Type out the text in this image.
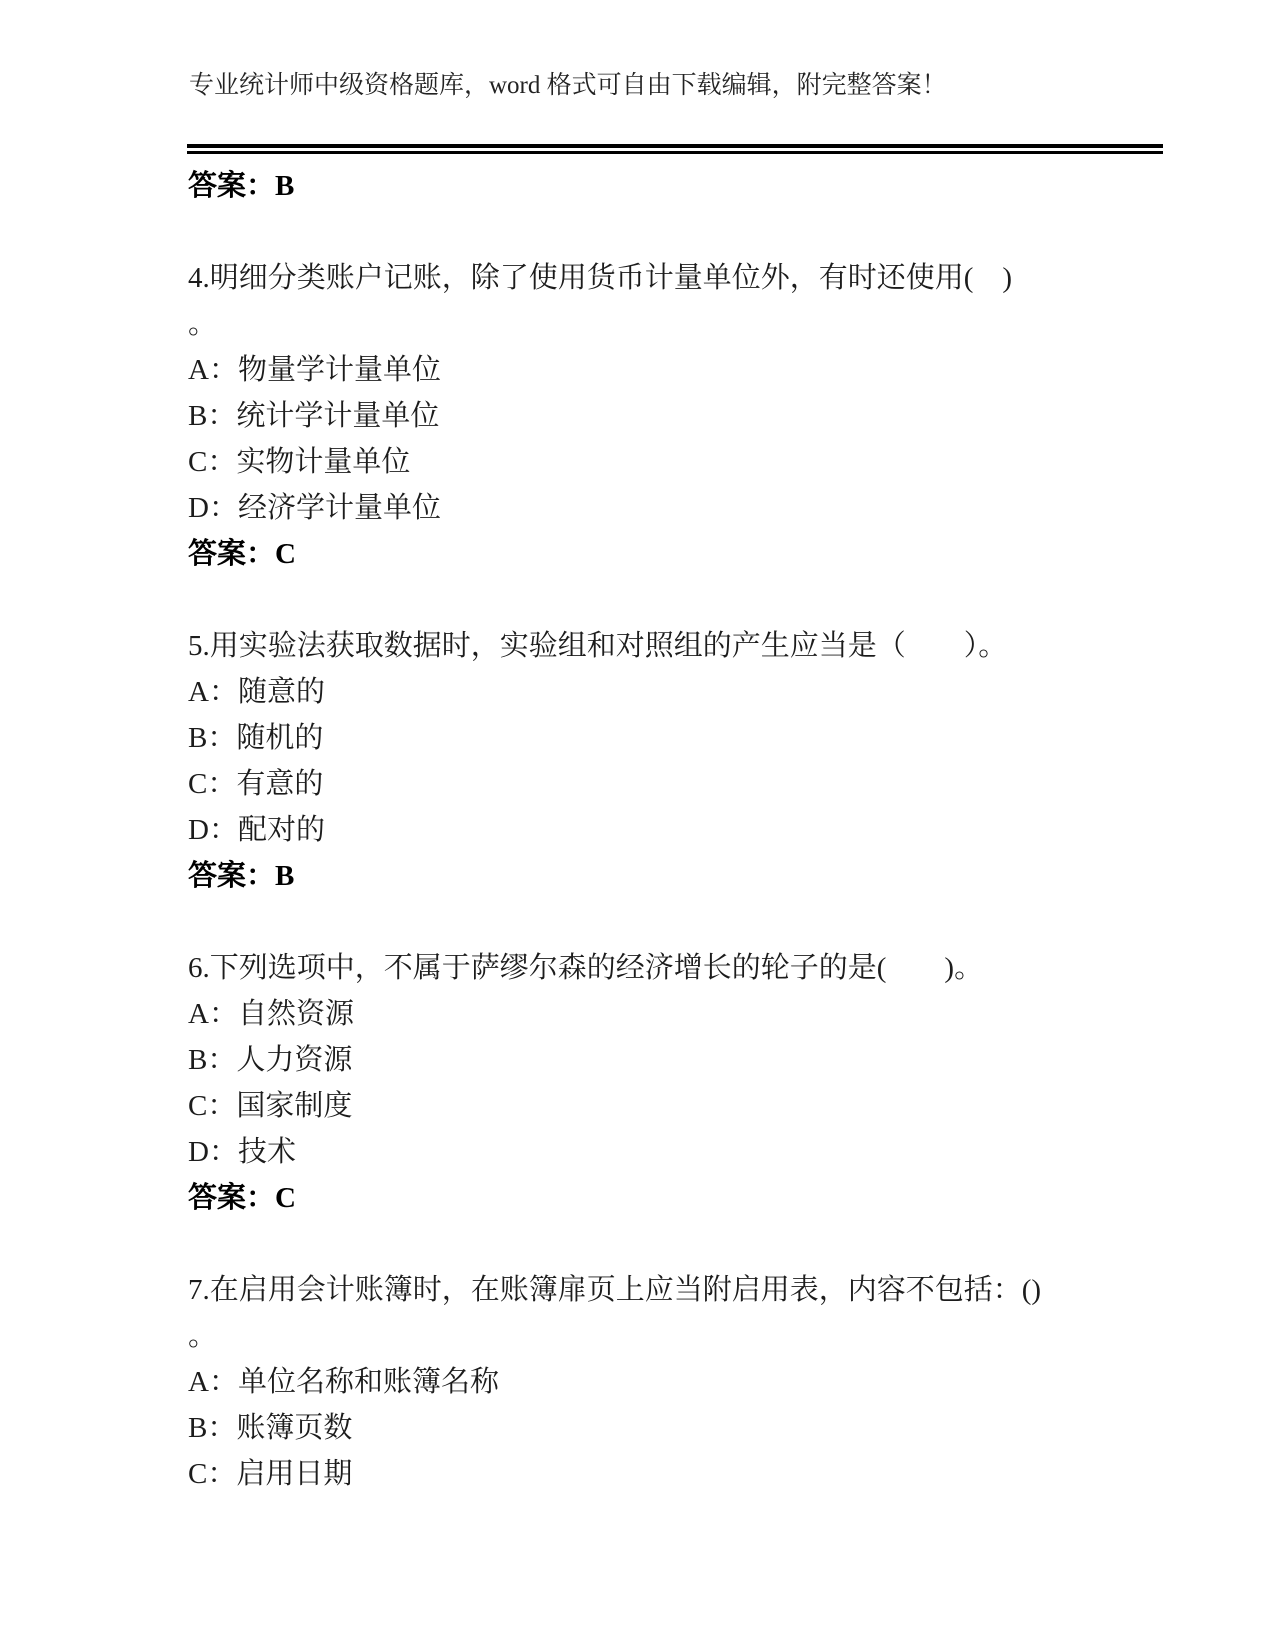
专业统计师中级资格题库，word 格式可自由下载编辑，附完整答案！
答案：B
4.明细分类账户记账，除了使用货币计量单位外，有时还使用(    )
。
A：物量学计量单位
B：统计学计量单位
C：实物计量单位
D：经济学计量单位
答案：C
5.用实验法获取数据时，实验组和对照组的产生应当是（　　）。
A：随意的
B：随机的
C：有意的
D：配对的
答案：B
6.下列选项中，不属于萨缪尔森的经济增长的轮子的是(　　)。
A：自然资源
B：人力资源
C：国家制度
D：技术
答案：C
7.在启用会计账簿时，在账簿扉页上应当附启用表，内容不包括：()
。
A：单位名称和账簿名称
B：账簿页数
C：启用日期
